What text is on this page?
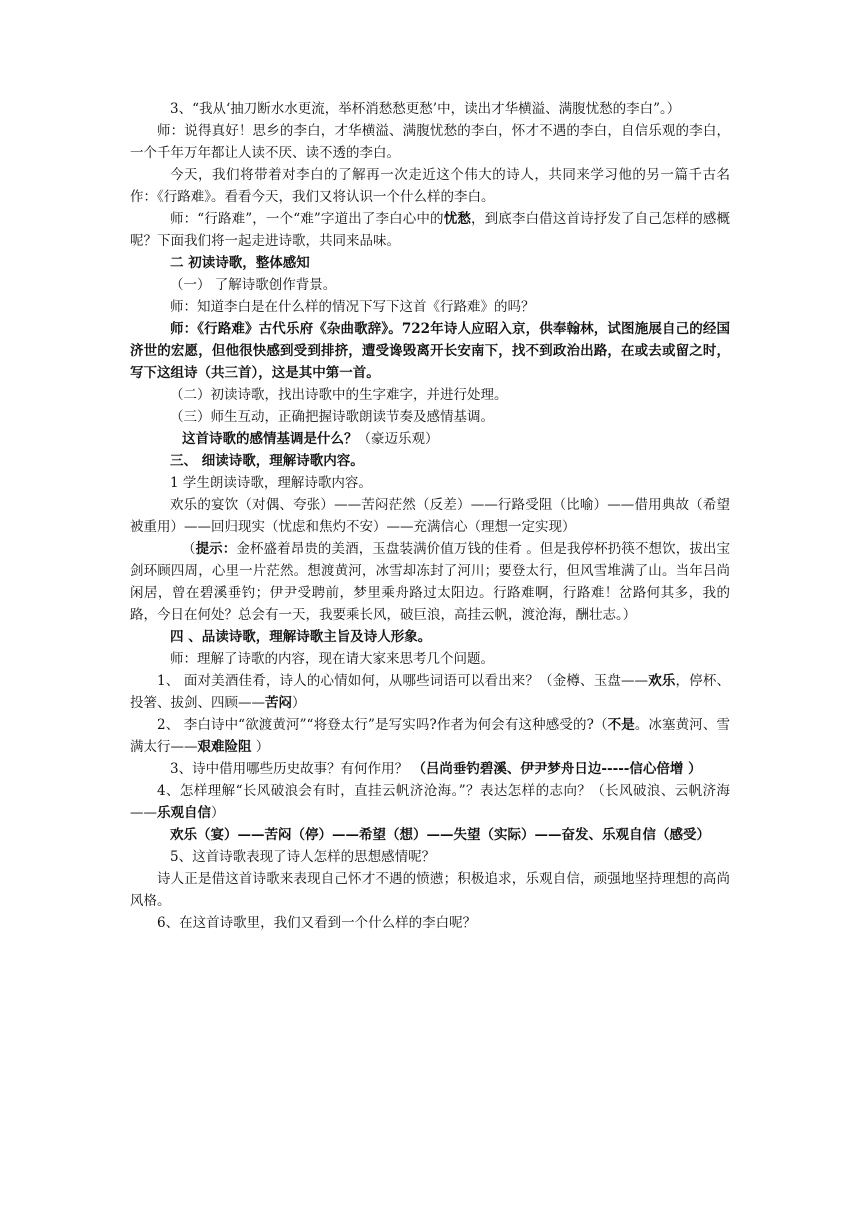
3、“我从‘抽刀断水水更流，举杯消愁愁更愁’中，读出才华横溢、满腹忧愁的李白”。）

师：说得真好！思乡的李白，才华横溢、满腹忧愁的李白，怀才不遇的李白，自信乐观的李白，一个千年万年都让人读不厌、读不透的李白。

今天，我们将带着对李白的了解再一次走近这个伟大的诗人，共同来学习他的另一篇千古名作：《行路难》。看看今天，我们又将认识一个什么样的李白。

师：“行路难”，一个“难”字道出了李白心中的忧愁，到底李白借这首诗抒发了自己怎样的感概呢？下面我们将一起走进诗歌，共同来品味。

二 初读诗歌，整体感知

（一） 了解诗歌创作背景。

师：知道李白是在什么样的情况下写下这首《行路难》的吗？

师：《行路难》古代乐府《杂曲歌辞》。722年诗人应昭入京，供奉翰林，试图施展自己的经国济世的宏愿，但他很快感到受到排挤，遭受谗毁离开长安南下，找不到政治出路，在或去或留之时，写下这组诗（共三首），这是其中第一首。

（二）初读诗歌，找出诗歌中的生字难字，并进行处理。

（三）师生互动，正确把握诗歌朗读节奏及感情基调。

这首诗歌的感情基调是什么？（豪迈乐观）

三、 细读诗歌，理解诗歌内容。

1 学生朗读诗歌，理解诗歌内容。

欢乐的宴饮（对偶、夸张）——苦闷茫然（反差）——行路受阻（比喻）——借用典故（希望被重用）——回归现实（忧虑和焦灼不安）——充满信心（理想一定实现）

（提示：金杯盛着昂贵的美酒，玉盘装满价值万钱的佳肴 。但是我停杯扔筷不想饮，拔出宝剑环顾四周，心里一片茫然。想渡黄河，冰雪却冻封了河川；要登太行，但风雪堆满了山。当年吕尚闲居，曾在碧溪垂钓；伊尹受聘前，梦里乘舟路过太阳边。行路难啊，行路难！岔路何其多，我的路，今日在何处？总会有一天，我要乘长风，破巨浪，高挂云帆，渡沧海，酬壮志。）

四 、品读诗歌，理解诗歌主旨及诗人形象。

师：理解了诗歌的内容，现在请大家来思考几个问题。

1、 面对美酒佳肴，诗人的心情如何，从哪些词语可以看出来？（金樽、玉盘——欢乐，停杯、投箸、拔剑、四顾——苦闷）

2、 李白诗中“欲渡黄河”“将登太行”是写实吗?作者为何会有这种感受的?（不是。冰塞黄河、雪满太行——艰难险阻 ）

3、诗中借用哪些历史故事？有何作用？ （吕尚垂钓碧溪、伊尹梦舟日边-----信心倍增 ）

4、怎样理解“长风破浪会有时，直挂云帆济沧海。”？表达怎样的志向？（长风破浪、云帆济海——乐观自信）

欢乐（宴）——苦闷（停）——希望（想）——失望（实际）——奋发、乐观自信（感受）

5、这首诗歌表现了诗人怎样的思想感情呢？

诗人正是借这首诗歌来表现自己怀才不遇的愤懑；积极追求，乐观自信，顽强地坚持理想的高尚风格。

6、在这首诗歌里，我们又看到一个什么样的李白呢？
